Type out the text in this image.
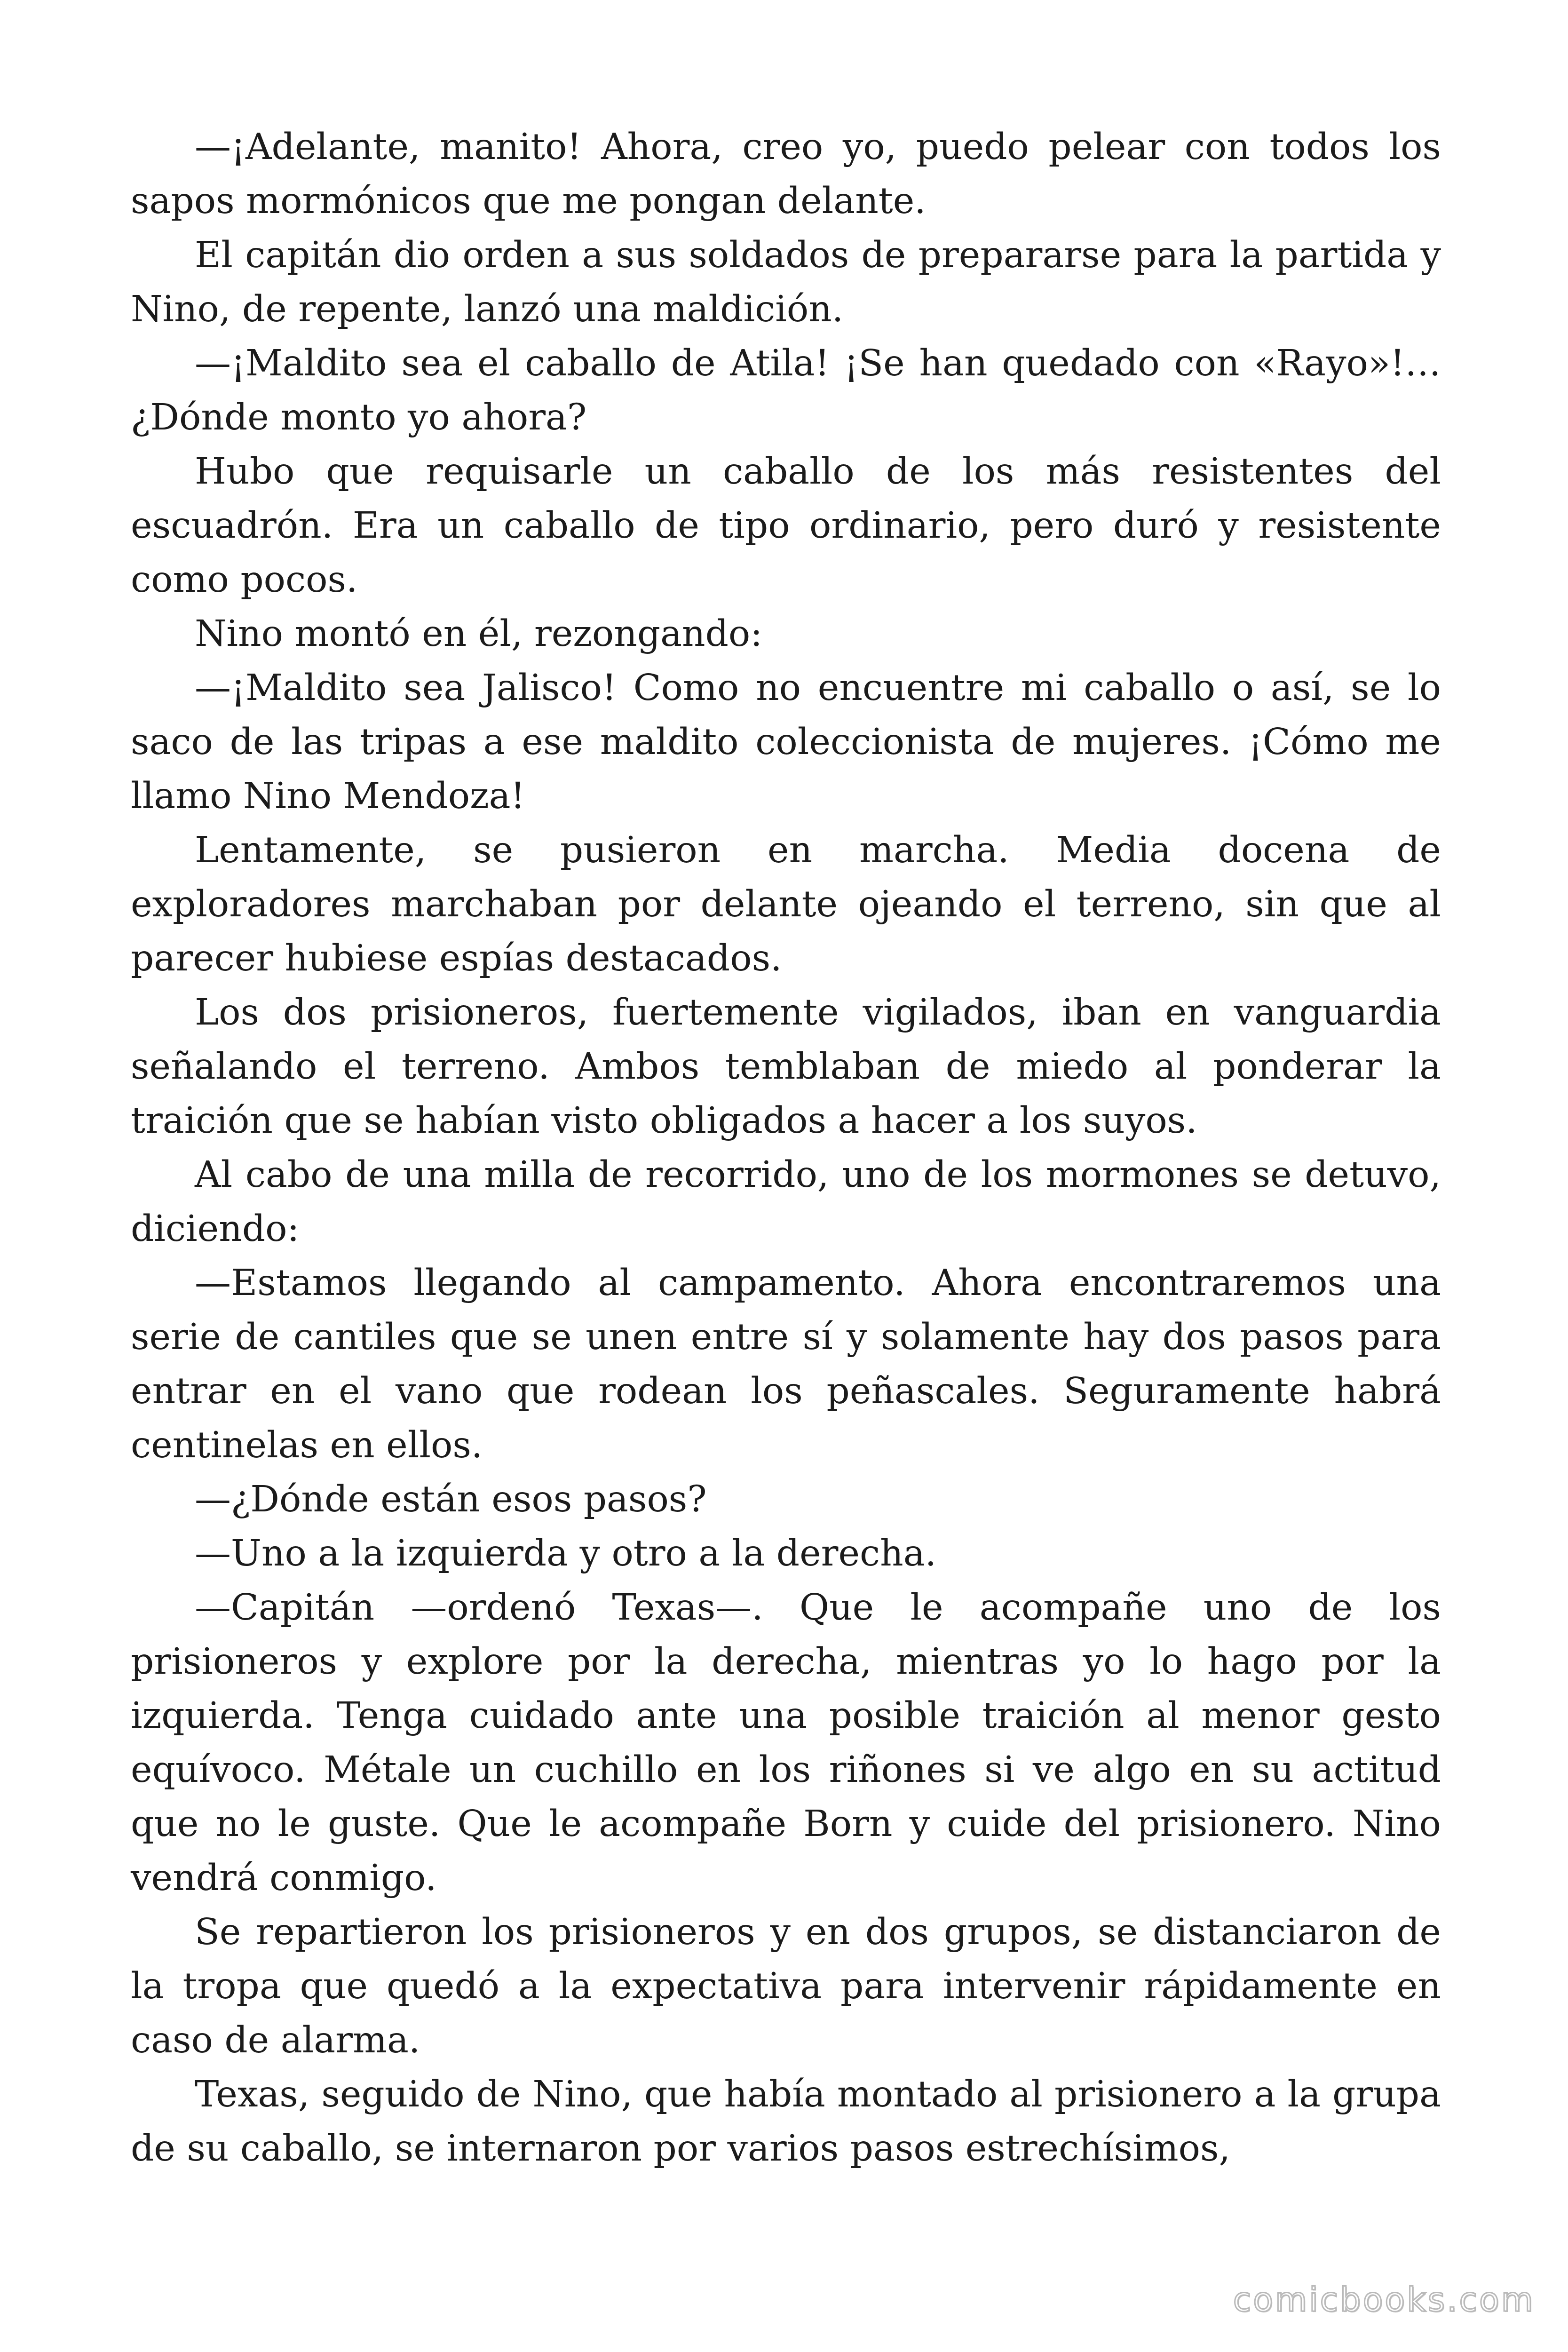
—¡Adelante, manito! Ahora, creo yo, puedo pelear con todos los sapos mormónicos que me pongan delante.

El capitán dio orden a sus soldados de prepararse para la partida y Nino, de repente, lanzó una maldición.

—¡Maldito sea el caballo de Atila! ¡Se han quedado con «Rayo»!… ¿Dónde monto yo ahora?

Hubo que requisarle un caballo de los más resistentes del escuadrón. Era un caballo de tipo ordinario, pero duró y resistente como pocos.

Nino montó en él, rezongando:

—¡Maldito sea Jalisco! Como no encuentre mi caballo o así, se lo saco de las tripas a ese maldito coleccionista de mujeres. ¡Cómo me llamo Nino Mendoza!

Lentamente, se pusieron en marcha. Media docena de exploradores marchaban por delante ojeando el terreno, sin que al parecer hubiese espías destacados.

Los dos prisioneros, fuertemente vigilados, iban en vanguardia señalando el terreno. Ambos temblaban de miedo al ponderar la traición que se habían visto obligados a hacer a los suyos.

Al cabo de una milla de recorrido, uno de los mormones se detuvo, diciendo:

—Estamos llegando al campamento. Ahora encontraremos una serie de cantiles que se unen entre sí y solamente hay dos pasos para entrar en el vano que rodean los peñascales. Seguramente habrá centinelas en ellos.

—¿Dónde están esos pasos?

—Uno a la izquierda y otro a la derecha.

—Capitán —ordenó Texas—. Que le acompañe uno de los prisioneros y explore por la derecha, mientras yo lo hago por la izquierda. Tenga cuidado ante una posible traición al menor gesto equívoco. Métale un cuchillo en los riñones si ve algo en su actitud que no le guste. Que le acompañe Born y cuide del prisionero. Nino vendrá conmigo.

Se repartieron los prisioneros y en dos grupos, se distanciaron de la tropa que quedó a la expectativa para intervenir rápidamente en caso de alarma.

Texas, seguido de Nino, que había montado al prisionero a la grupa de su caballo, se internaron por varios pasos estrechísimos,

comicbooks.com
